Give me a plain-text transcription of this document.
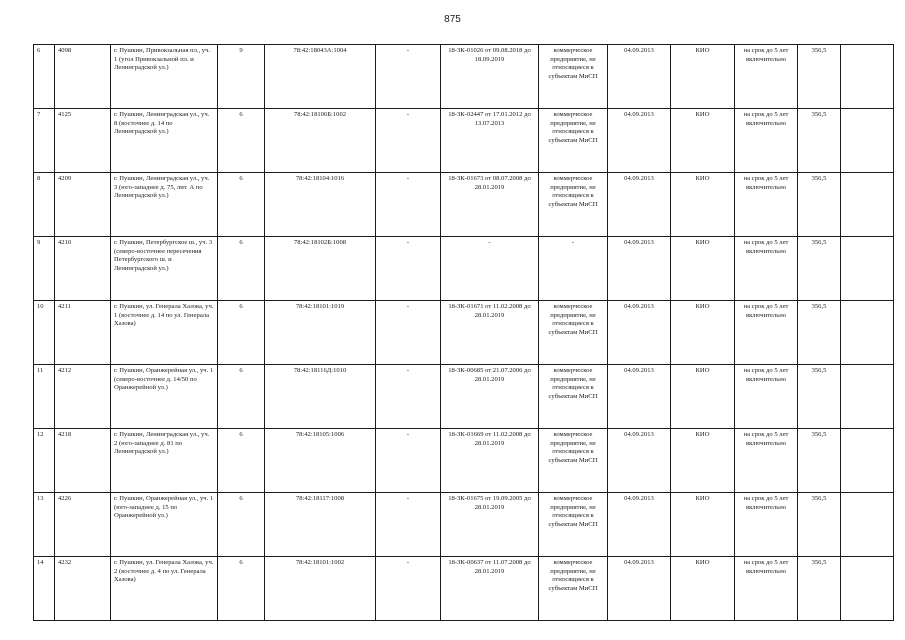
875
6	4098	г. Пушкин, Привокзальная пл., уч. 1 (угол Привокзальной пл. и Ленинградской ул.)	9	78:42:18043А:1004	-	18-ЗК-01026 от 09.08.2018 до 18.09.2019	коммерческое предприятие, не относящиеся к субъектам МиСП	04.09.2013	КИО	на срок до 5 лет включительно	356,5	
7	4125	г. Пушкин, Ленинградская ул., уч. 8 (восточнее д. 14 по Ленинградской ул.)	6	78:42:18106Б:1002	-	18-ЗК-02447 от 17.01.2012 до 13.07.2013	коммерческое предприятие, не относящиеся к субъектам МиСП	04.09.2013	КИО	на срок до 5 лет включительно	356,5	
8	4209	г. Пушкин, Ленинградская ул., уч. 3 (юго-западнее д. 75, лит. А по Ленинградской ул.)	6	78:42:18104:1016	-	18-ЗК-01673 от 08.07.2008 до 28.01.2019	коммерческое предприятие, не относящиеся к субъектам МиСП	04.09.2013	КИО	на срок до 5 лет включительно	356,5	
9	4210	г. Пушкин, Петербургское ш., уч. 3 (северо-восточнее пересечения Петербургского ш. и Ленинградской ул.)	6	78:42:18102Б:1008	-	-	-	04.09.2013	КИО	на срок до 5 лет включительно	356,5	
10	4211	г. Пушкин, ул. Генерала Хазова, уч. 1 (восточнее д. 14 по ул. Генерала Хазова)	6	78:42:18101:1019	-	18-ЗК-01671 от 11.02.2008 до 28.01.2019	коммерческое предприятие, не относящиеся к субъектам МиСП	04.09.2013	КИО	на срок до 5 лет включительно	356,5	
11	4212	г. Пушкин, Оранжерейная ул., уч. 1 (северо-восточнее д. 14/50 по Оранжерейной ул.)	6	78:42:18116Д:1010	-	18-ЗК-00685 от 21.07.2006 до 28.01.2019	коммерческое предприятие, не относящиеся к субъектам МиСП	04.09.2013	КИО	на срок до 5 лет включительно	356,5	
12	4218	г. Пушкин, Ленинградская ул., уч. 2 (юго-западнее д. 81 по Ленинградской ул.)	6	78:42:18105:1006	-	18-ЗК-01669 от 11.02.2008 до 28.01.2019	коммерческое предприятие, не относящиеся к субъектам МиСП	04.09.2013	КИО	на срок до 5 лет включительно	356,5	
13	4226	г. Пушкин, Оранжерейная ул., уч. 1 (юго-западнее д. 15 по Оранжерейной ул.)	6	78:42:18117:1008	-	18-ЗК-01675 от 19.09.2005 до 28.01.2019	коммерческое предприятие, не относящиеся к субъектам МиСП	04.09.2013	КИО	на срок до 5 лет включительно	356,5	
14	4232	г. Пушкин, ул. Генерала Хазова, уч. 2 (восточнее д. 4 по ул. Генерала Хазова)	6	78:42:18101:1002	-	18-ЗК-00637 от 11.07.2008 до 28.01.2019	коммерческое предприятие, не относящиеся к субъектам МиСП	04.09.2013	КИО	на срок до 5 лет включительно	356,5	
